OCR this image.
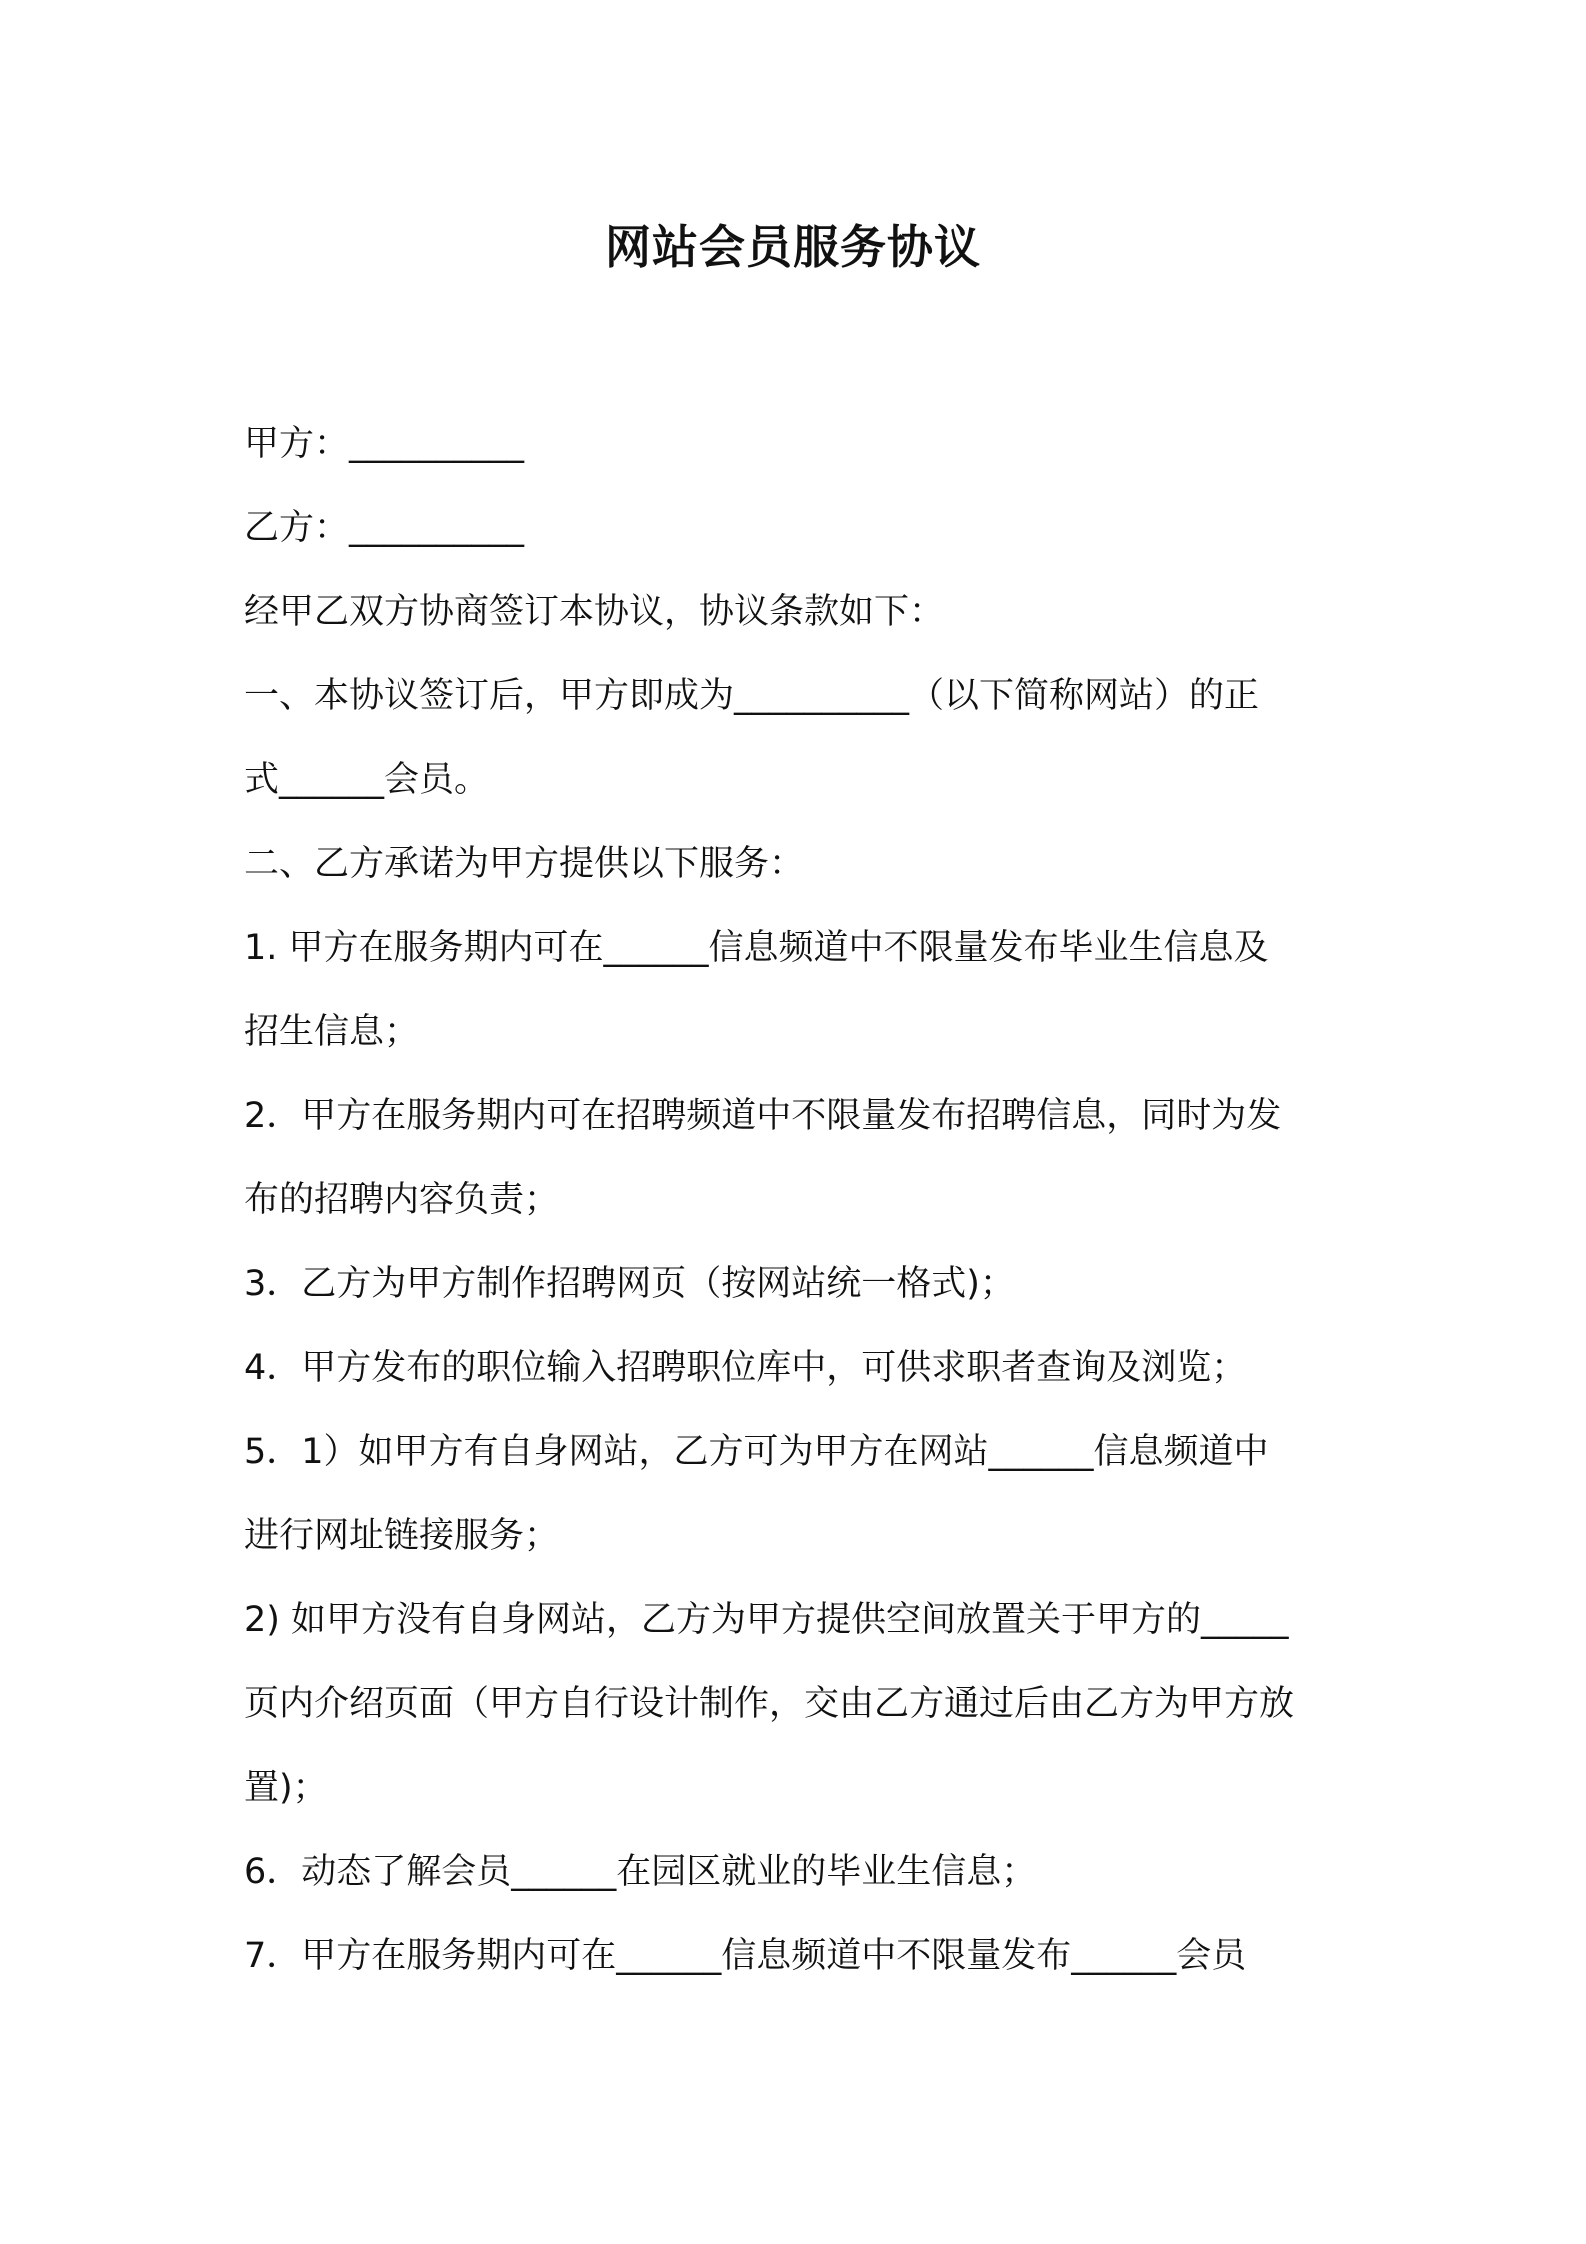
网站会员服务协议
甲方：__________
乙方：__________
经甲乙双方协商签订本协议，协议条款如下：
一、本协议签订后，甲方即成为__________（以下简称网站）的正
式______会员。
二、乙方承诺为甲方提供以下服务：
1. 甲方在服务期内可在______信息频道中不限量发布毕业生信息及
招生信息；
2．甲方在服务期内可在招聘频道中不限量发布招聘信息，同时为发
布的招聘内容负责；
3．乙方为甲方制作招聘网页（按网站统一格式)；
4．甲方发布的职位输入招聘职位库中，可供求职者查询及浏览；
5．1）如甲方有自身网站，乙方可为甲方在网站______信息频道中
进行网址链接服务；
2) 如甲方没有自身网站，乙方为甲方提供空间放置关于甲方的_____
页内介绍页面（甲方自行设计制作，交由乙方通过后由乙方为甲方放
置)；
6．动态了解会员______在园区就业的毕业生信息；
7．甲方在服务期内可在______信息频道中不限量发布______会员
